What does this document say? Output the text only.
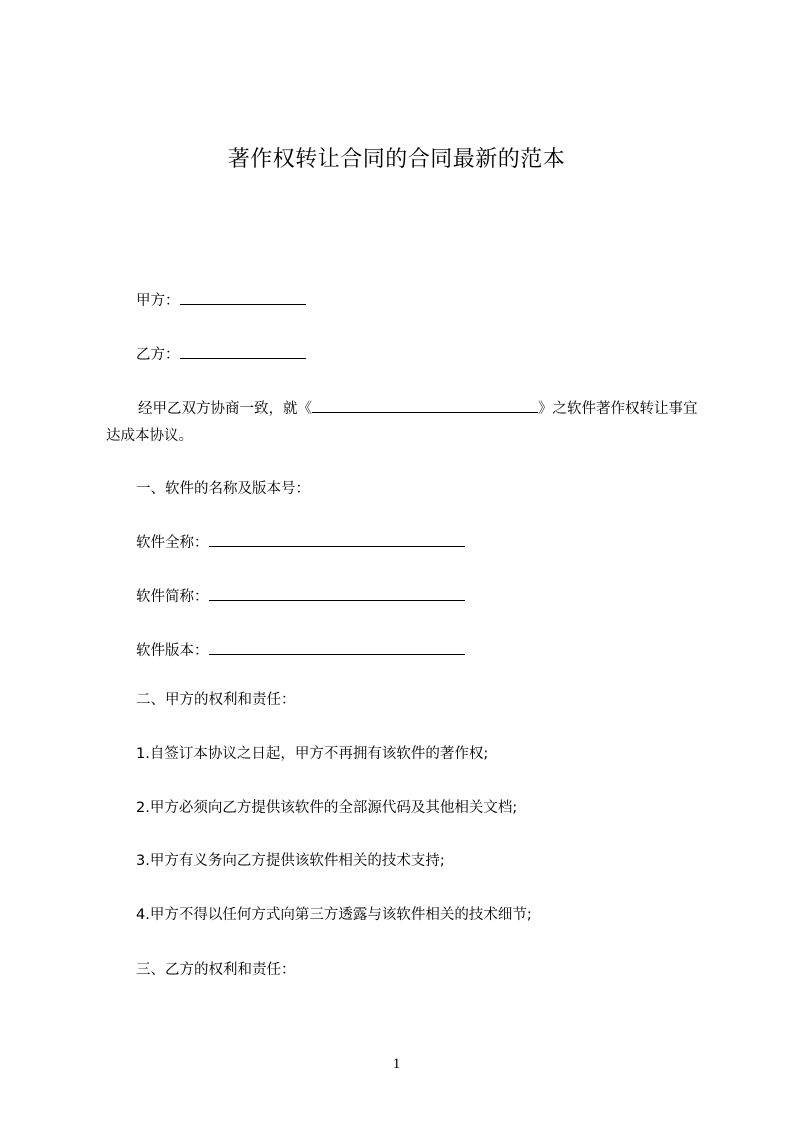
著作权转让合同的合同最新的范本
甲方：
乙方：
经甲乙双方协商一致，就《	》之软件著作权转让事宜达成本协议。
一、软件的名称及版本号：
软件全称：
软件简称：
软件版本：
二、甲方的权利和责任：
1.自签订本协议之日起，甲方不再拥有该软件的著作权;
2.甲方必须向乙方提供该软件的全部源代码及其他相关文档;
3.甲方有义务向乙方提供该软件相关的技术支持;
4.甲方不得以任何方式向第三方透露与该软件相关的技术细节;
三、乙方的权利和责任：
1
